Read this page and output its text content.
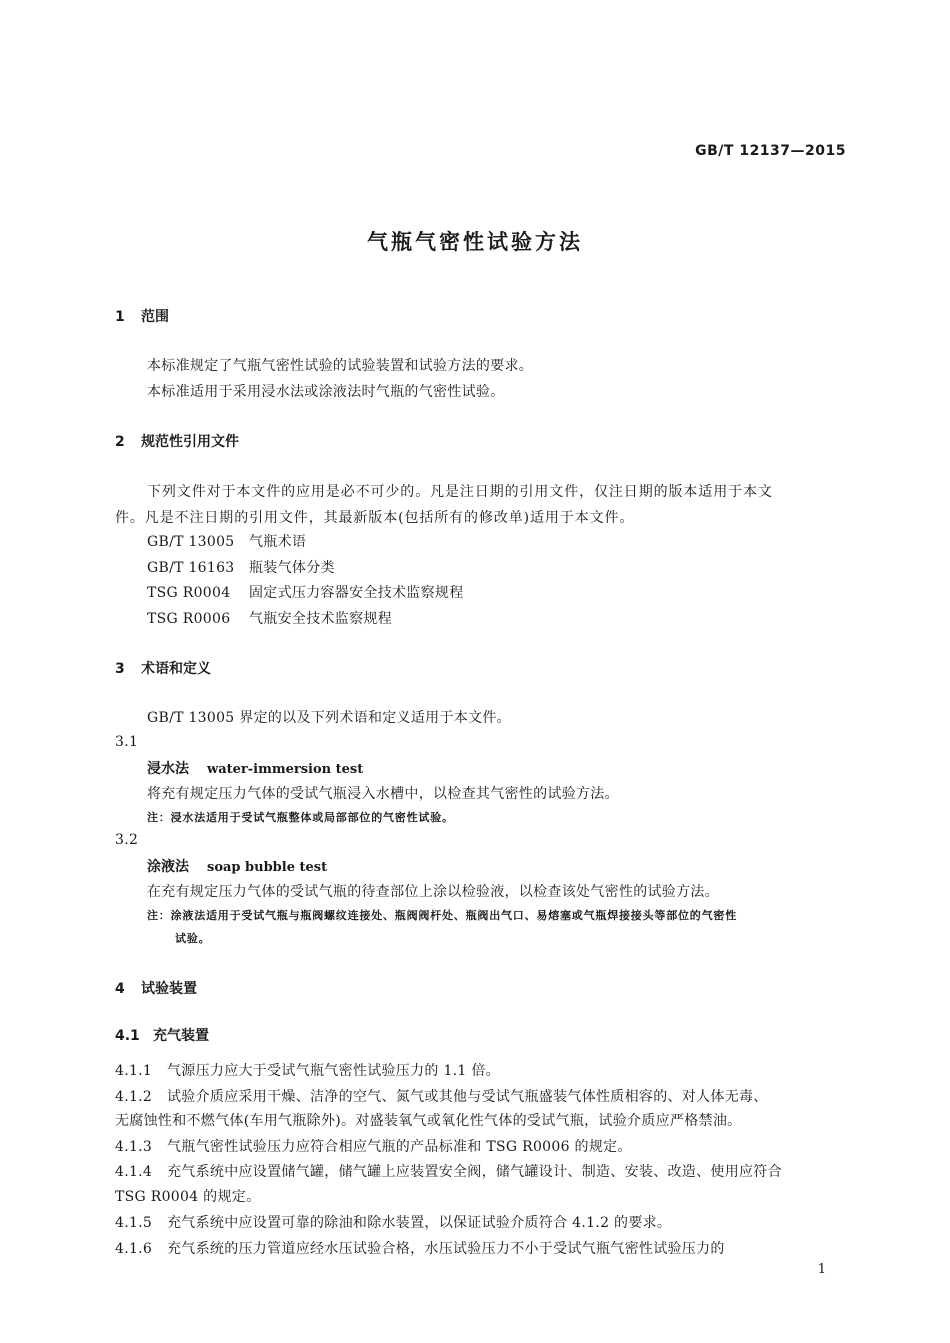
GB/T 12137—2015
气瓶气密性试验方法
1 范围
本标准规定了气瓶气密性试验的试验装置和试验方法的要求。
本标准适用于采用浸水法或涂液法时气瓶的气密性试验。
2 规范性引用文件
下列文件对于本文件的应用是必不可少的。凡是注日期的引用文件，仅注日期的版本适用于本文
件。凡是不注日期的引用文件，其最新版本(包括所有的修改单)适用于本文件。
GB/T 13005 气瓶术语
GB/T 16163 瓶装气体分类
TSG R0004 固定式压力容器安全技术监察规程
TSG R0006 气瓶安全技术监察规程
3 术语和定义
GB/T 13005 界定的以及下列术语和定义适用于本文件。
3.1
浸水法 water-immersion test
将充有规定压力气体的受试气瓶浸入水槽中，以检查其气密性的试验方法。
注：浸水法适用于受试气瓶整体或局部部位的气密性试验。
3.2
涂液法 soap bubble test
在充有规定压力气体的受试气瓶的待查部位上涂以检验液，以检查该处气密性的试验方法。
注：涂液法适用于受试气瓶与瓶阀螺纹连接处、瓶阀阀杆处、瓶阀出气口、易熔塞或气瓶焊接接头等部位的气密性
试验。
4 试验装置
4.1 充气装置
4.1.1 气源压力应大于受试气瓶气密性试验压力的 1.1 倍。
4.1.2 试验介质应采用干燥、洁净的空气、氮气或其他与受试气瓶盛装气体性质相容的、对人体无毒、
无腐蚀性和不燃气体(车用气瓶除外)。对盛装氧气或氧化性气体的受试气瓶，试验介质应严格禁油。
4.1.3 气瓶气密性试验压力应符合相应气瓶的产品标准和 TSG R0006 的规定。
4.1.4 充气系统中应设置储气罐，储气罐上应装置安全阀，储气罐设计、制造、安装、改造、使用应符合
TSG R0004 的规定。
4.1.5 充气系统中应设置可靠的除油和除水装置，以保证试验介质符合 4.1.2 的要求。
4.1.6 充气系统的压力管道应经水压试验合格，水压试验压力不小于受试气瓶气密性试验压力的
1
